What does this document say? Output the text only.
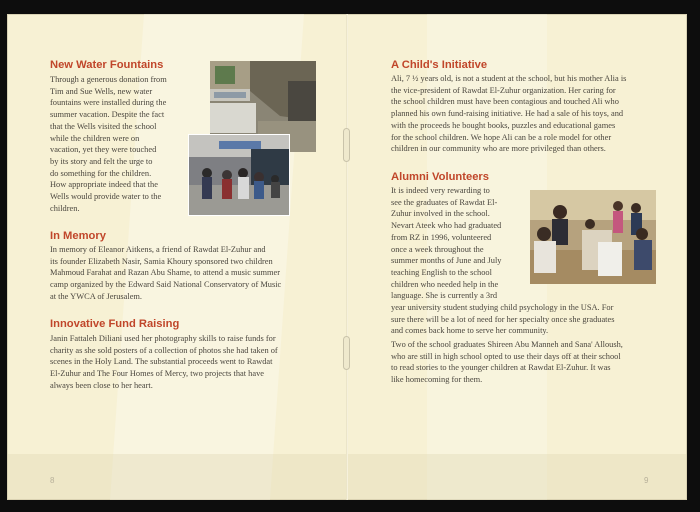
New Water Fountains

Through a generous donation from
Tim and Sue Wells, new water
fountains were installed during the
summer vacation. Despite the fact
that the Wells visited the school
while the children were on
vacation, yet they were touched
by its story and felt the urge to
do something for the children.
How appropriate indeed that the
Wells would provide water to the
children.

In Memory

In memory of Eleanor Aitkens, a friend of Rawdat El-Zuhur and
its founder Elizabeth Nasir, Samia Khoury sponsored two children
Mahmoud Farahat and Razan Abu Shame, to attend a music summer
camp organized by the Edward Said National Conservatory of Music
at the YWCA of Jerusalem.

Innovative Fund Raising

Janin Fattaleh Diliani used her photography skills to raise funds for
charity as she sold posters of a collection of photos she had taken of
scenes in the Holy Land. The substantial proceeds went to Rawdat
El-Zuhur and The Four Homes of Mercy, two projects that have
always been close to her heart.

8
A Child's Initiative

Ali, 7 ½ years old, is not a student at the school, but his mother Alia is
the vice-president of Rawdat El-Zuhur organization. Her caring for
the school children must have been contagious and touched Ali who
planned his own fund-raising initiative. He had a sale of his toys, and
with the proceeds he bought books, puzzles and educational games
for the school children. We hope Ali can be a role model for other
children in our community who are more privileged than others.

Alumni Volunteers

It is indeed very rewarding to
see the graduates of Rawdat El-
Zuhur involved in the school.
Nevart Ateek who had graduated
from RZ in 1996, volunteered
once a week throughout the
summer months of June and July
teaching English to the school
children who needed help in the
language. She is currently a 3rd

year university student studying child psychology in the USA. For
sure there will be a lot of need for her specialty once she graduates
and comes back home to serve her community.

Two of the school graduates Shireen Abu Manneh and Sana' Alloush,
who are still in high school opted to use their days off at their school
to read stories to the younger children at Rawdat El-Zuhur. It was
like homecoming for them.

9
